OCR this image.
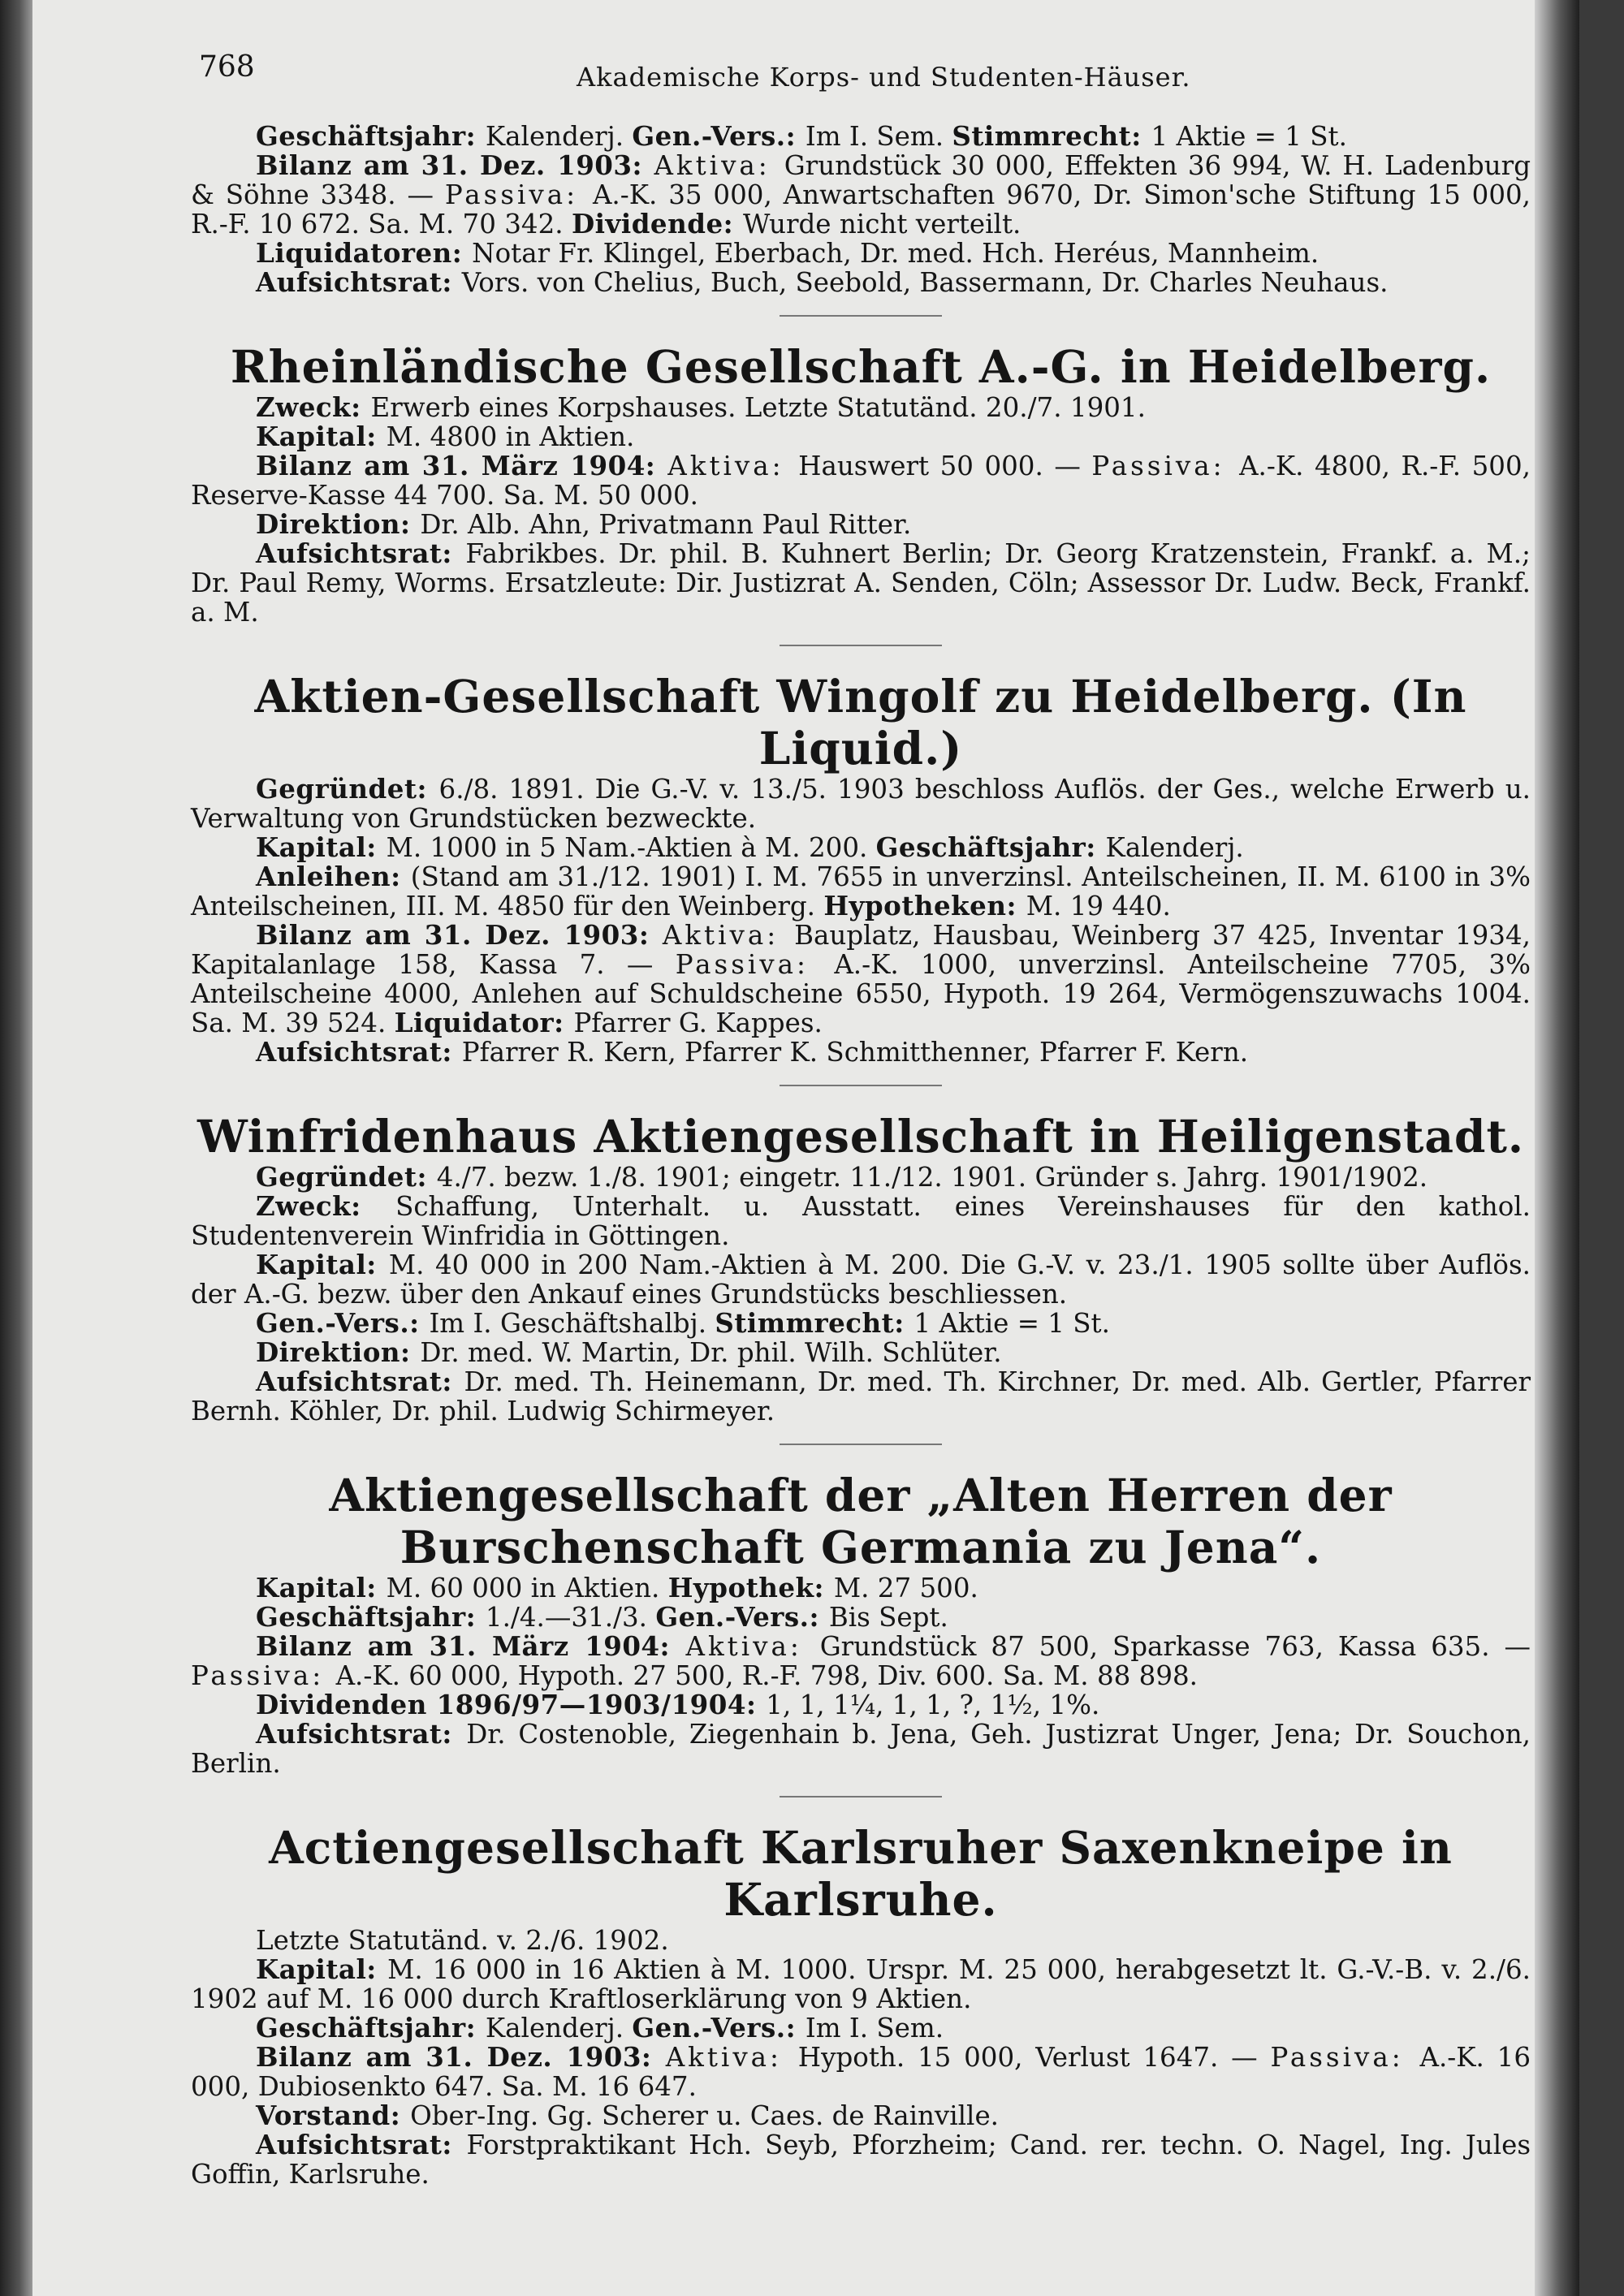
768	Akademische Korps- und Studenten-Häuser.

Geschäftsjahr: Kalenderj. Gen.-Vers.: Im I. Sem. Stimmrecht: 1 Aktie = 1 St.

Bilanz am 31. Dez. 1903: Aktiva: Grundstück 30 000, Effekten 36 994, W. H. Ladenburg & Söhne 3348. — Passiva: A.-K. 35 000, Anwartschaften 9670, Dr. Simon'sche Stiftung 15 000, R.-F. 10 672. Sa. M. 70 342. Dividende: Wurde nicht verteilt.

Liquidatoren: Notar Fr. Klingel, Eberbach, Dr. med. Hch. Heréus, Mannheim.

Aufsichtsrat: Vors. von Chelius, Buch, Seebold, Bassermann, Dr. Charles Neuhaus.

Rheinländische Gesellschaft A.-G. in Heidelberg.

Zweck: Erwerb eines Korpshauses. Letzte Statutänd. 20./7. 1901.

Kapital: M. 4800 in Aktien.

Bilanz am 31. März 1904: Aktiva: Hauswert 50 000. — Passiva: A.-K. 4800, R.-F. 500, Reserve-Kasse 44 700. Sa. M. 50 000.

Direktion: Dr. Alb. Ahn, Privatmann Paul Ritter.

Aufsichtsrat: Fabrikbes. Dr. phil. B. Kuhnert Berlin; Dr. Georg Kratzenstein, Frankf. a. M.; Dr. Paul Remy, Worms. Ersatzleute: Dir. Justizrat A. Senden, Cöln; Assessor Dr. Ludw. Beck, Frankf. a. M.

Aktien-Gesellschaft Wingolf zu Heidelberg. (In Liquid.)

Gegründet: 6./8. 1891. Die G.-V. v. 13./5. 1903 beschloss Auflös. der Ges., welche Erwerb u. Verwaltung von Grundstücken bezweckte.

Kapital: M. 1000 in 5 Nam.-Aktien à M. 200. Geschäftsjahr: Kalenderj.

Anleihen: (Stand am 31./12. 1901) I. M. 7655 in unverzinsl. Anteilscheinen, II. M. 6100 in 3% Anteilscheinen, III. M. 4850 für den Weinberg. Hypotheken: M. 19 440.

Bilanz am 31. Dez. 1903: Aktiva: Bauplatz, Hausbau, Weinberg 37 425, Inventar 1934, Kapitalanlage 158, Kassa 7. — Passiva: A.-K. 1000, unverzinsl. Anteilscheine 7705, 3% Anteilscheine 4000, Anlehen auf Schuldscheine 6550, Hypoth. 19 264, Vermögenszuwachs 1004. Sa. M. 39 524. Liquidator: Pfarrer G. Kappes.

Aufsichtsrat: Pfarrer R. Kern, Pfarrer K. Schmitthenner, Pfarrer F. Kern.

Winfridenhaus Aktiengesellschaft in Heiligenstadt.

Gegründet: 4./7. bezw. 1./8. 1901; eingetr. 11./12. 1901. Gründer s. Jahrg. 1901/1902.

Zweck: Schaffung, Unterhalt. u. Ausstatt. eines Vereinshauses für den kathol. Studentenverein Winfridia in Göttingen.

Kapital: M. 40 000 in 200 Nam.-Aktien à M. 200. Die G.-V. v. 23./1. 1905 sollte über Auflös. der A.-G. bezw. über den Ankauf eines Grundstücks beschliessen.

Gen.-Vers.: Im I. Geschäftshalbj. Stimmrecht: 1 Aktie = 1 St.

Direktion: Dr. med. W. Martin, Dr. phil. Wilh. Schlüter.

Aufsichtsrat: Dr. med. Th. Heinemann, Dr. med. Th. Kirchner, Dr. med. Alb. Gertler, Pfarrer Bernh. Köhler, Dr. phil. Ludwig Schirmeyer.

Aktiengesellschaft der „Alten Herren der Burschenschaft Germania zu Jena“.

Kapital: M. 60 000 in Aktien. Hypothek: M. 27 500.

Geschäftsjahr: 1./4.—31./3. Gen.-Vers.: Bis Sept.

Bilanz am 31. März 1904: Aktiva: Grundstück 87 500, Sparkasse 763, Kassa 635. — Passiva: A.-K. 60 000, Hypoth. 27 500, R.-F. 798, Div. 600. Sa. M. 88 898.

Dividenden 1896/97—1903/1904: 1, 1, 1¼, 1, 1, ?, 1½, 1%.

Aufsichtsrat: Dr. Costenoble, Ziegenhain b. Jena, Geh. Justizrat Unger, Jena; Dr. Souchon, Berlin.

Actiengesellschaft Karlsruher Saxenkneipe in Karlsruhe.

Letzte Statutänd. v. 2./6. 1902.

Kapital: M. 16 000 in 16 Aktien à M. 1000. Urspr. M. 25 000, herabgesetzt lt. G.-V.-B. v. 2./6. 1902 auf M. 16 000 durch Kraftloserklärung von 9 Aktien.

Geschäftsjahr: Kalenderj. Gen.-Vers.: Im I. Sem.

Bilanz am 31. Dez. 1903: Aktiva: Hypoth. 15 000, Verlust 1647. — Passiva: A.-K. 16 000, Dubiosenkto 647. Sa. M. 16 647.

Vorstand: Ober-Ing. Gg. Scherer u. Caes. de Rainville.

Aufsichtsrat: Forstpraktikant Hch. Seyb, Pforzheim; Cand. rer. techn. O. Nagel, Ing. Jules Goffin, Karlsruhe.
